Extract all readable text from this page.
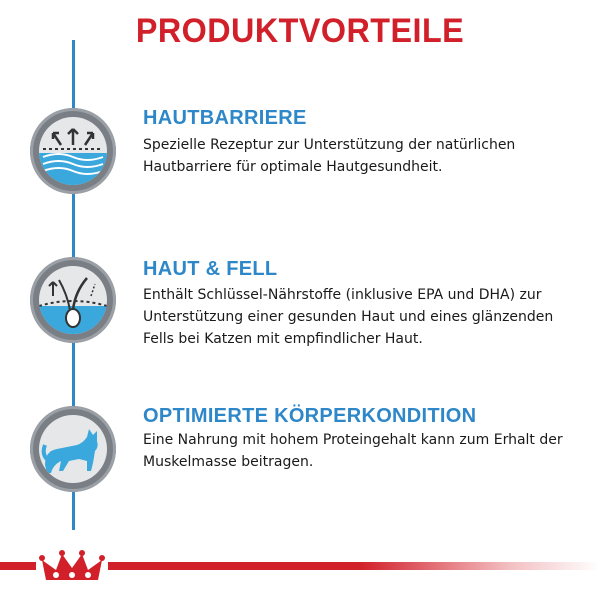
PRODUKTVORTEILE
HAUTBARRIERE
Spezielle Rezeptur zur Unterstützung der natürlichen Hautbarriere für optimale Hautgesundheit.
HAUT & FELL
Enthält Schlüssel-Nährstoffe (inklusive EPA und DHA) zur Unterstützung einer gesunden Haut und eines glänzenden Fells bei Katzen mit empfindlicher Haut.
OPTIMIERTE KÖRPERKONDITION
Eine Nahrung mit hohem Proteingehalt kann zum Erhalt der Muskelmasse beitragen.
